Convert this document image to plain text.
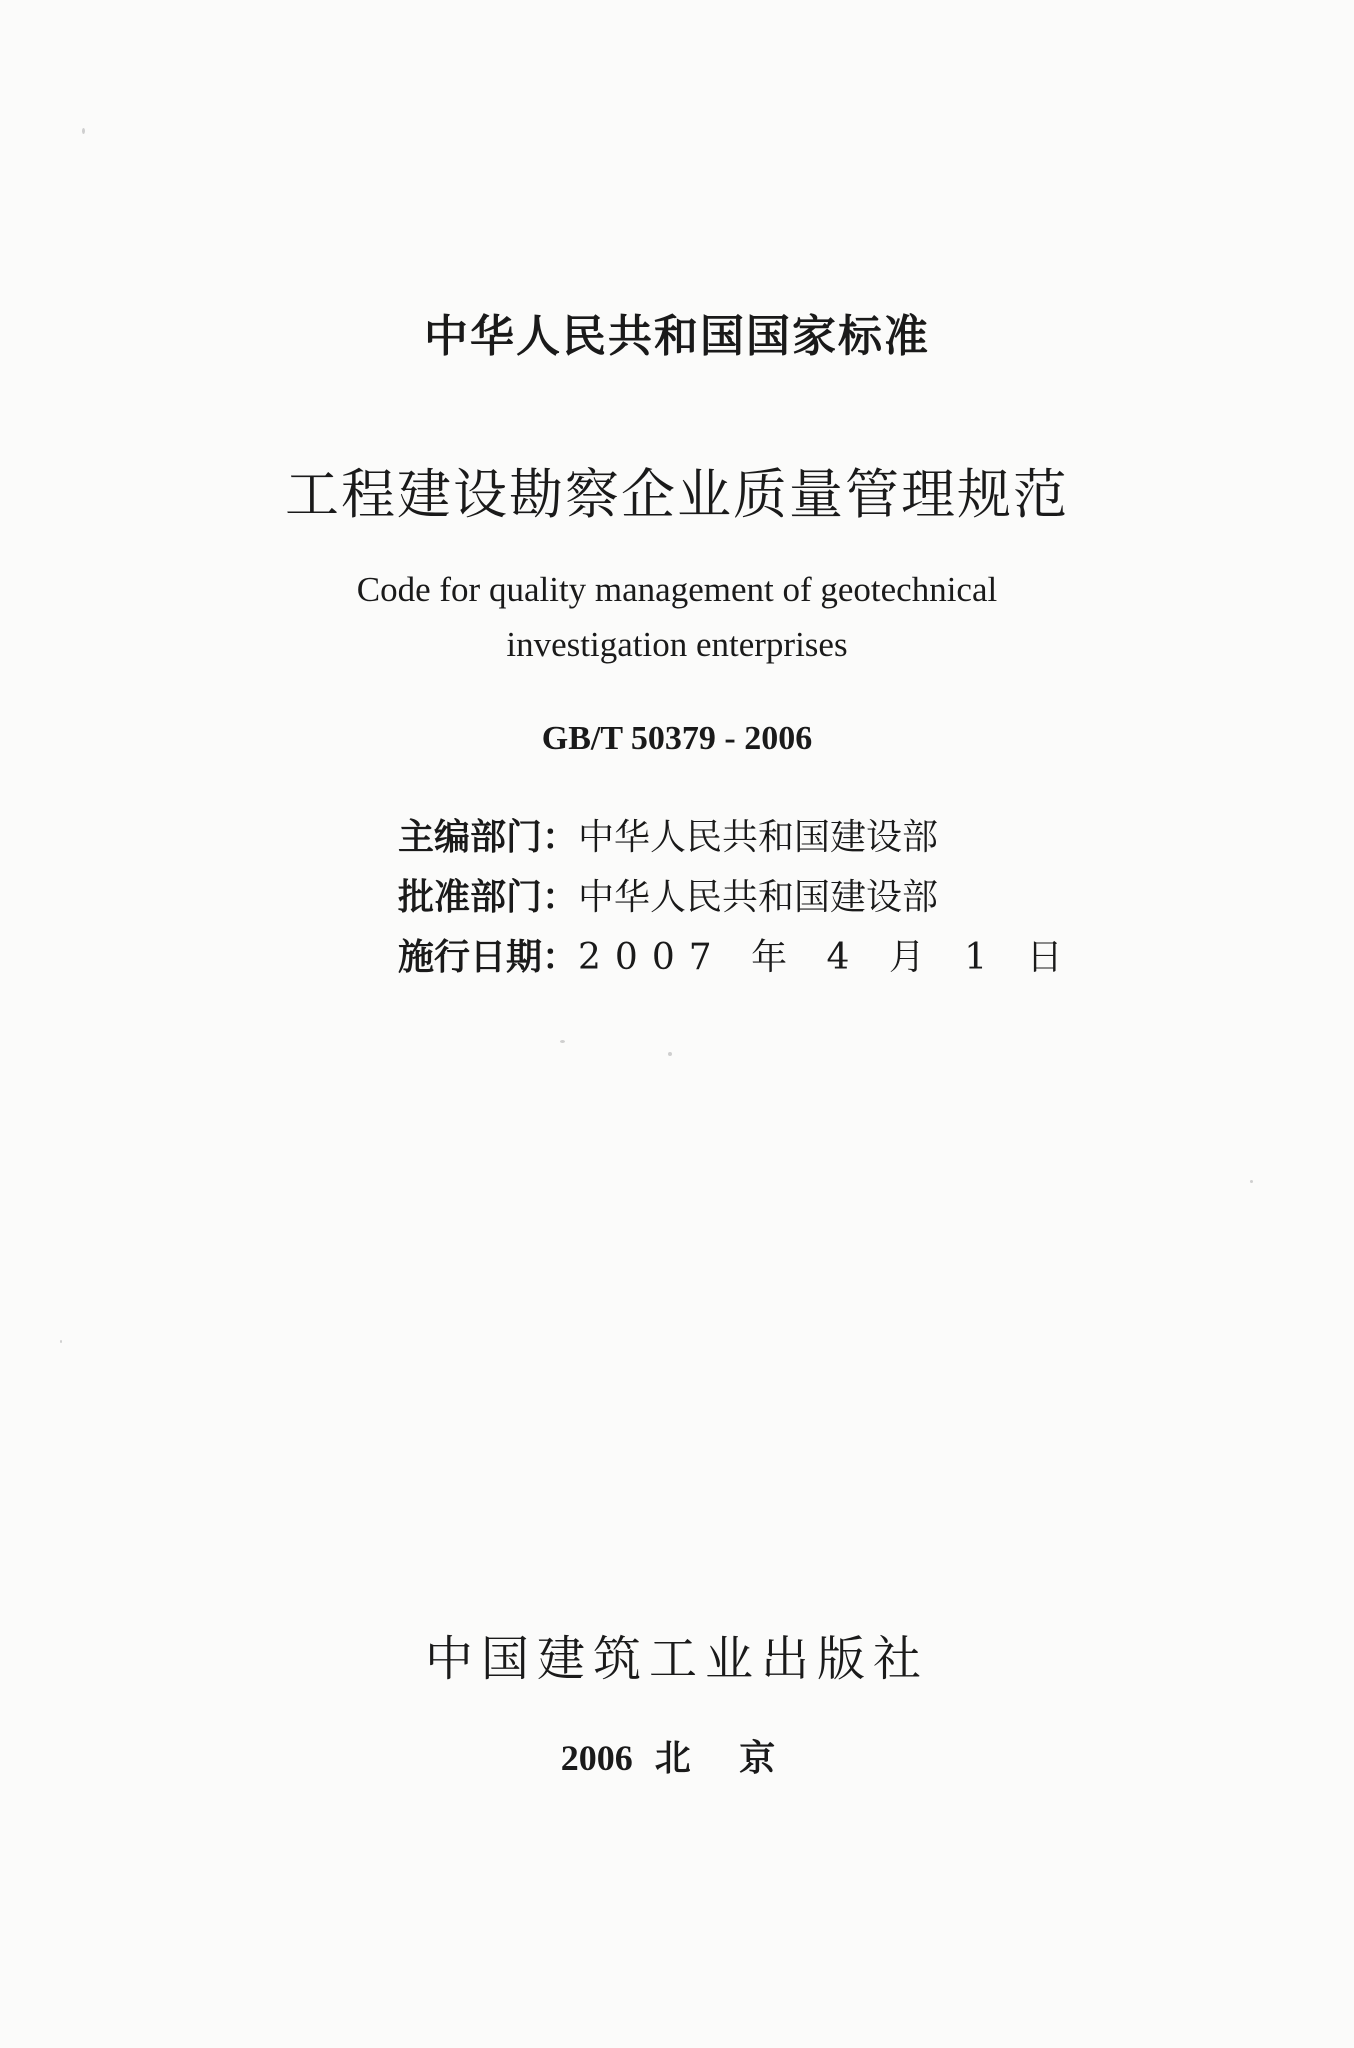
中华人民共和国国家标准
工程建设勘察企业质量管理规范
Code for quality management of geotechnical
investigation enterprises
GB/T 50379 - 2006
主编部门：中华人民共和国建设部
批准部门：中华人民共和国建设部
施行日期：2007 年 4 月 1 日
中国建筑工业出版社
2006 北 京
